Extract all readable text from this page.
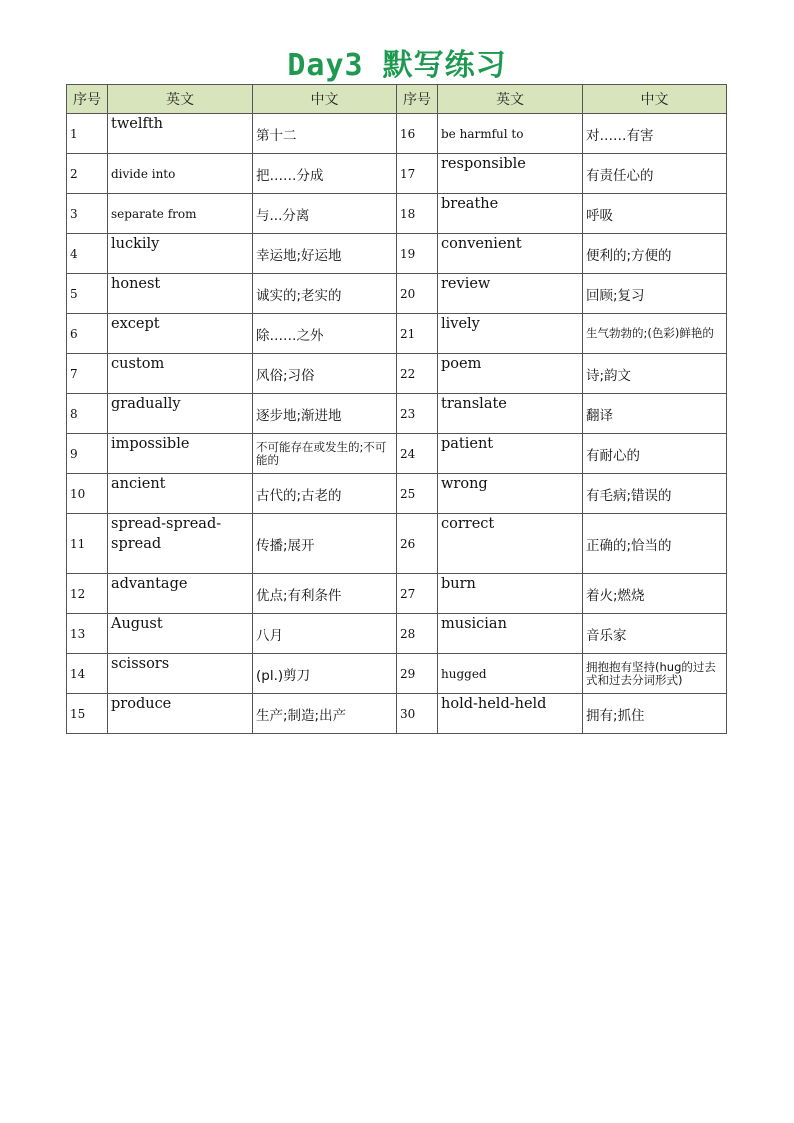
Day3 默写练习
序号	英文	中文	序号	英文	中文
1	twelfth	第十二	16	be harmful to	对……有害
2	divide into	把……分成	17	responsible	有责任心的
3	separate from	与...分离	18	breathe	呼吸
4	luckily	幸运地;好运地	19	convenient	便利的;方便的
5	honest	诚实的;老实的	20	review	回顾;复习
6	except	除……之外	21	lively	生气勃勃的;(色彩)鲜艳的
7	custom	风俗;习俗	22	poem	诗;韵文
8	gradually	逐步地;渐进地	23	translate	翻译
9	impossible	不可能存在或发生的;不可能的	24	patient	有耐心的
10	ancient	古代的;古老的	25	wrong	有毛病;错误的
11	spread-spread-spread	传播;展开	26	correct	正确的;恰当的
12	advantage	优点;有利条件	27	burn	着火;燃烧
13	August	八月	28	musician	音乐家
14	scissors	(pl.)剪刀	29	hugged	拥抱抱有坚持(hug的过去式和过去分词形式)
15	produce	生产;制造;出产	30	hold-held-held	拥有;抓住
